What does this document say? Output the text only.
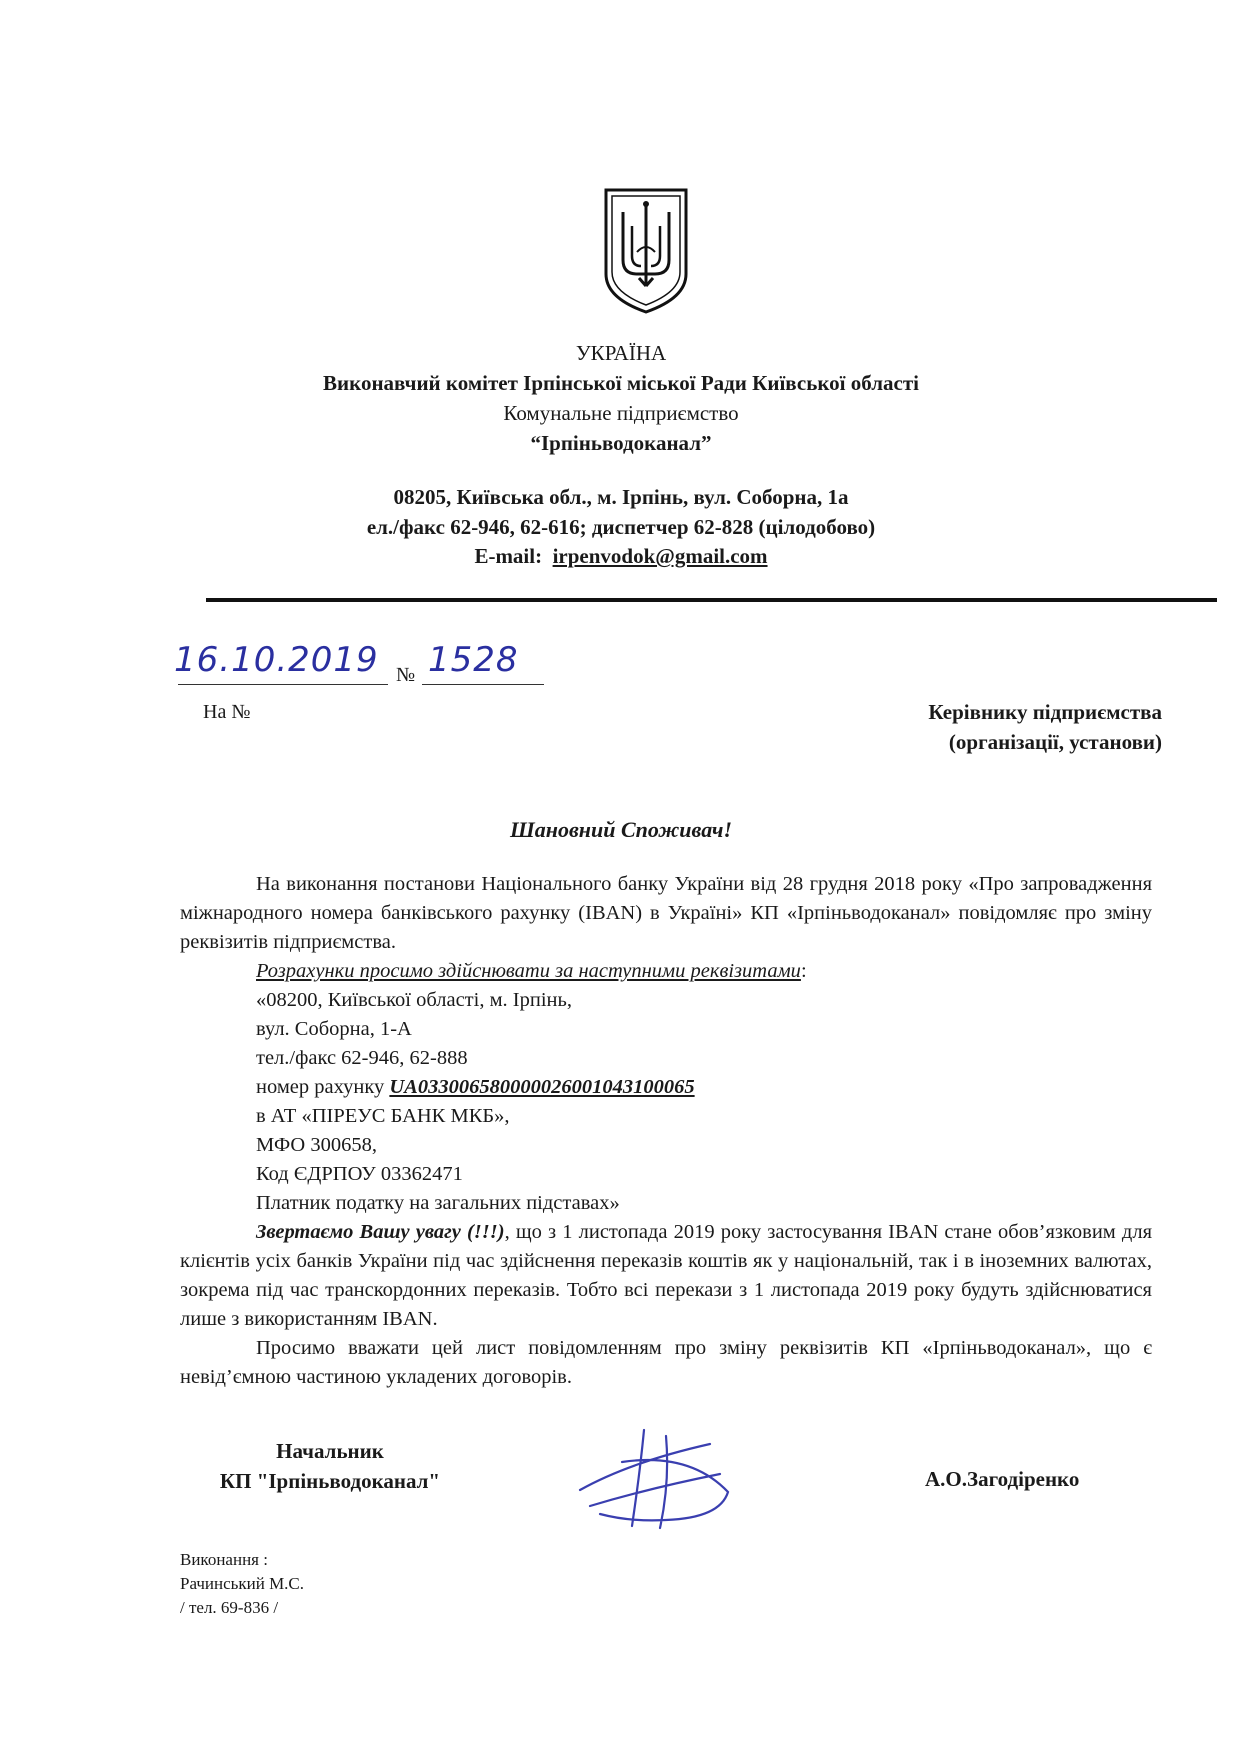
УКРАЇНА
Виконавчий комітет Ірпінської міської Ради Київської області
Комунальне підприємство
“Ірпіньводоканал”
08205, Київська обл., м. Ірпінь, вул. Соборна, 1а
ел./факс 62-946, 62-616; диспетчер 62-828 (цілодобово)
E-mail: irpenvodok@gmail.com
16.10.2019 № 1528
На №	Керівнику підприємства
(організації, установи)
Шановний Споживач!

На виконання постанови Національного банку України від 28 грудня 2018 року «Про запровадження міжнародного номера банківського рахунку (IBAN) в Україні» КП «Ірпіньводоканал» повідомляє про зміну реквізитів підприємства.

Розрахунки просимо здійснювати за наступними реквізитами:

«08200, Київської області, м. Ірпінь,

вул. Соборна, 1-А

тел./факс 62-946, 62-888

номер рахунку UA033006580000026001043100065

в АТ «ПІРЕУС БАНК МКБ»,

МФО 300658,

Код ЄДРПОУ 03362471

Платник податку на загальних підставах»

Звертаємо Вашу увагу (!!!), що з 1 листопада 2019 року застосування IBAN стане обов’язковим для клієнтів усіх банків України під час здійснення переказів коштів як у національній, так і в іноземних валютах, зокрема під час транскордонних переказів. Тобто всі перекази з 1 листопада 2019 року будуть здійснюватися лише з використанням IBAN.

Просимо вважати цей лист повідомленням про зміну реквізитів КП «Ірпіньводоканал», що є невід’ємною частиною укладених договорів.

Начальник
КП "Ірпіньводоканал"	А.О.Загодіренко
Виконання :
Рачинський М.С.
/ тел. 69-836 /
